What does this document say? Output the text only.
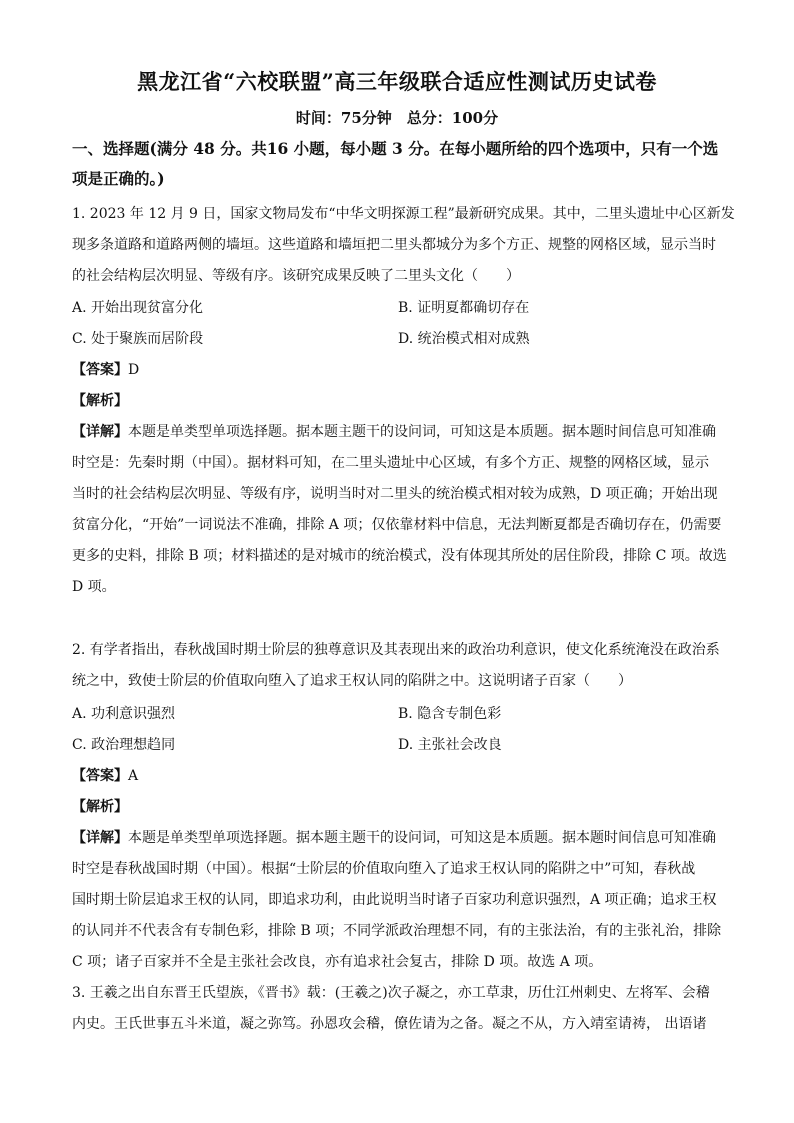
黑龙江省“六校联盟”高三年级联合适应性测试历史试卷
时间：75分钟　总分：100分
一、选择题(满分 48 分。共16 小题，每小题 3 分。在每小题所给的四个选项中，只有一个选
项是正确的。)
1. 2023 年 12 月 9 日，国家文物局发布“中华文明探源工程”最新研究成果。其中，二里头遗址中心区新发
现多条道路和道路两侧的墙垣。这些道路和墙垣把二里头都城分为多个方正、规整的网格区域，显示当时
的社会结构层次明显、等级有序。该研究成果反映了二里头文化（　　）
A. 开始出现贫富分化	B. 证明夏都确切存在
C. 处于聚族而居阶段	D. 统治模式相对成熟
【答案】D
【解析】
【详解】本题是单类型单项选择题。据本题主题干的设问词，可知这是本质题。据本题时间信息可知准确
时空是：先秦时期（中国）。据材料可知，在二里头遗址中心区域，有多个方正、规整的网格区域，显示
当时的社会结构层次明显、等级有序，说明当时对二里头的统治模式相对较为成熟，D 项正确；开始出现
贫富分化，“开始”一词说法不准确，排除 A 项；仅依靠材料中信息，无法判断夏都是否确切存在，仍需要
更多的史料，排除 B 项；材料描述的是对城市的统治模式，没有体现其所处的居住阶段，排除 C 项。故选
D 项。
2. 有学者指出，春秋战国时期士阶层的独尊意识及其表现出来的政治功利意识，使文化系统淹没在政治系
统之中，致使士阶层的价值取向堕入了追求王权认同的陷阱之中。这说明诸子百家（　　）
A. 功利意识强烈	B. 隐含专制色彩
C. 政治理想趋同	D. 主张社会改良
【答案】A
【解析】
【详解】本题是单类型单项选择题。据本题主题干的设问词，可知这是本质题。据本题时间信息可知准确
时空是春秋战国时期（中国）。根据“士阶层的价值取向堕入了追求王权认同的陷阱之中”可知，春秋战
国时期士阶层追求王权的认同，即追求功利，由此说明当时诸子百家功利意识强烈，A 项正确；追求王权
的认同并不代表含有专制色彩，排除 B 项；不同学派政治理想不同，有的主张法治，有的主张礼治，排除
C 项；诸子百家并不全是主张社会改良，亦有追求社会复古，排除 D 项。故选 A 项。
3. 王羲之出自东晋王氏望族，《晋书》载：(王羲之)次子凝之，亦工草隶，历仕江州刺史、左将军、会稽
内史。王氏世事五斗米道，凝之弥笃。孙恩攻会稽，僚佐请为之备。凝之不从，方入靖室请祷， 出语诸
